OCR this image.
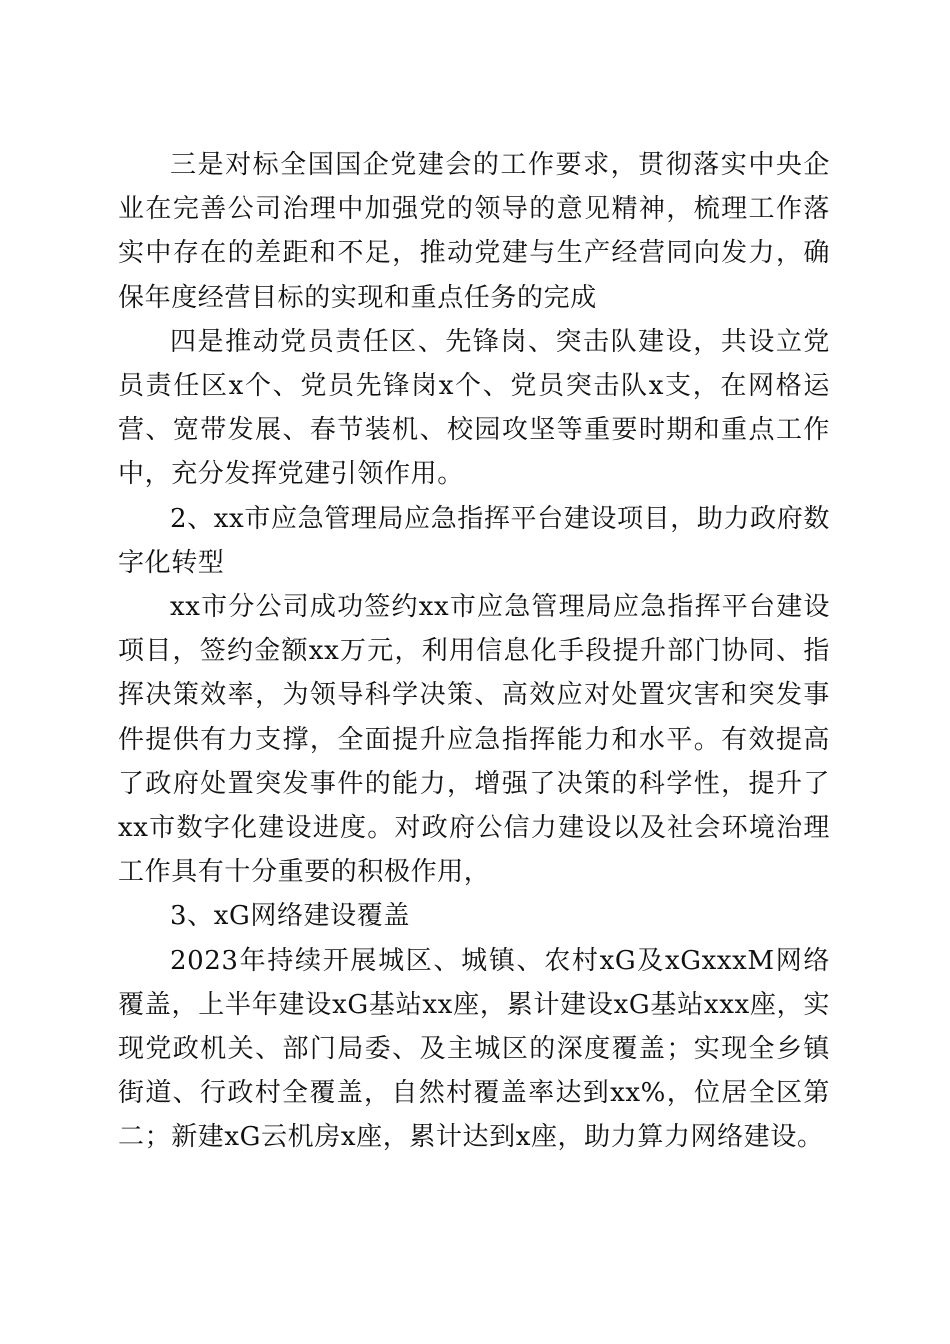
三是对标全国国企党建会的工作要求，贯彻落实中央企业在完善公司治理中加强党的领导的意见精神，梳理工作落实中存在的差距和不足，推动党建与生产经营同向发力，确保年度经营目标的实现和重点任务的完成

四是推动党员责任区、先锋岗、突击队建设，共设立党员责任区x个、党员先锋岗x个、党员突击队x支，在网格运营、宽带发展、春节装机、校园攻坚等重要时期和重点工作中，充分发挥党建引领作用。

2、xx市应急管理局应急指挥平台建设项目，助力政府数字化转型

xx市分公司成功签约xx市应急管理局应急指挥平台建设项目，签约金额xx万元，利用信息化手段提升部门协同、指挥决策效率，为领导科学决策、高效应对处置灾害和突发事件提供有力支撑，全面提升应急指挥能力和水平。有效提高了政府处置突发事件的能力，增强了决策的科学性，提升了xx市数字化建设进度。对政府公信力建设以及社会环境治理工作具有十分重要的积极作用，

3、xG网络建设覆盖

2023年持续开展城区、城镇、农村xG及xGxxxM网络覆盖，上半年建设xG基站xx座，累计建设xG基站xxx座，实现党政机关、部门局委、及主城区的深度覆盖；实现全乡镇街道、行政村全覆盖，自然村覆盖率达到xx%，位居全区第二；新建xG云机房x座，累计达到x座，助力算力网络建设。
